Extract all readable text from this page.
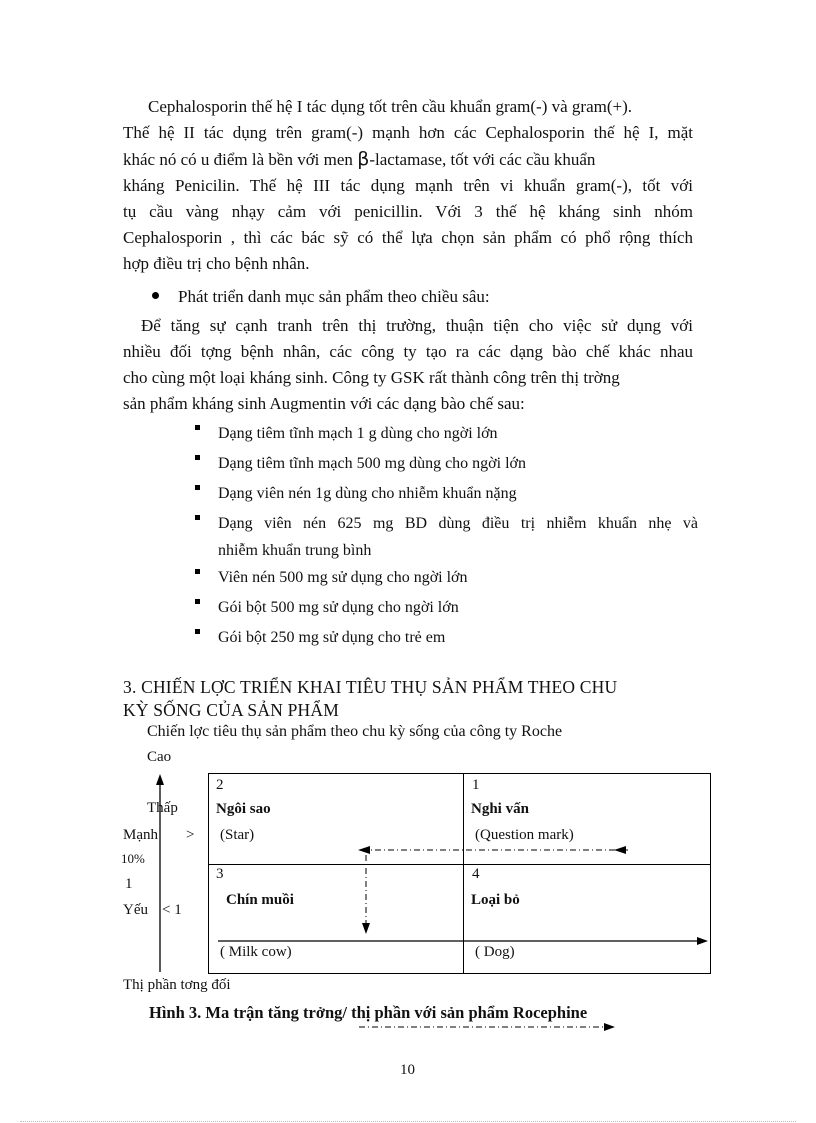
Cephalosporin thế hệ I tác dụng tốt trên cầu khuẩn gram(-) và gram(+).
Thế hệ II tác dụng trên gram(-) mạnh hơn các Cephalosporin thế hệ I, mặt
khác nó có u điểm là bền với men β-lactamase, tốt với các cầu khuẩn
kháng Penicilin. Thế hệ III tác dụng mạnh trên vi khuẩn gram(-), tốt với
tụ cầu vàng nhạy cảm với penicillin. Với 3 thế hệ kháng sinh nhóm
Cephalosporin , thì các bác sỹ có thể lựa chọn sản phẩm có phổ rộng thích
hợp điều trị cho bệnh nhân.
Phát triển danh mục sản phẩm theo chiều sâu:
Để tăng sự cạnh tranh trên thị trường, thuận tiện cho việc sử dụng với
nhiều đối tợng bệnh nhân, các công ty tạo ra các dạng bào chế khác nhau
cho cùng một loại kháng sinh. Công ty GSK rất thành công trên thị trờng
sản phẩm kháng sinh Augmentin với các dạng bào chế sau:
Dạng tiêm tĩnh mạch 1 g dùng cho ngời lớn
Dạng tiêm tĩnh mạch 500 mg dùng cho ngời lớn
Dạng viên nén 1g dùng cho nhiễm khuẩn nặng
Dạng viên nén 625 mg BD dùng điều trị nhiễm khuẩn nhẹ và
nhiễm khuẩn trung bình
Viên nén 500 mg sử dụng cho ngời lớn
Gói bột 500 mg sử dụng cho ngời lớn
Gói bột 250 mg sử dụng cho trẻ em
3. CHIẾN LỢC TRIỂN KHAI TIÊU THỤ SẢN PHẨM THEO CHU
KỲ SỐNG CỦA SẢN PHẨM
Chiến lợc tiêu thụ sản phẩm theo chu kỳ sống của công ty Roche
Cao
Thấp
Mạnh >
10%
1
Yếu < 1
2
Ngôi sao
(Star)
1
Nghi vấn
(Question mark)
3
Chín muồi
( Milk cow)
4
Loại bỏ
( Dog)
Thị phần tơng đối
Hình 3. Ma trận tăng trởng/ thị phần với sản phẩm Rocephine
10
